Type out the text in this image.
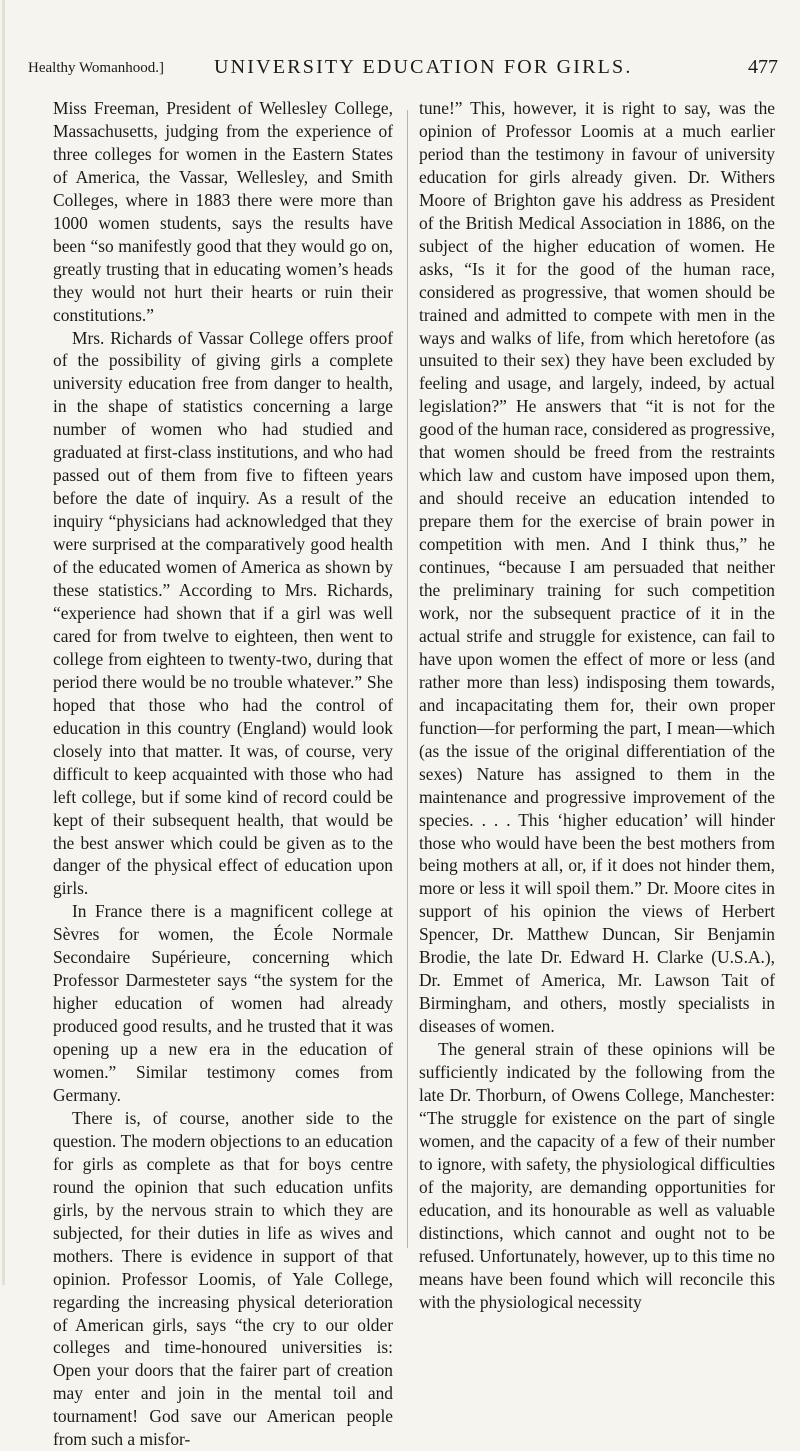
Healthy Womanhood.]	UNIVERSITY EDUCATION FOR GIRLS.	477

Miss Freeman, President of Wellesley College, Massachusetts, judging from the experience of three colleges for women in the Eastern States of America, the Vassar, Wellesley, and Smith Colleges, where in 1883 there were more than 1000 women students, says the results have been “so manifestly good that they would go on, greatly trusting that in educating women’s heads they would not hurt their hearts or ruin their constitutions.”

Mrs. Richards of Vassar College offers proof of the possibility of giving girls a complete university education free from danger to health, in the shape of statistics concerning a large number of women who had studied and graduated at first-class institutions, and who had passed out of them from five to fifteen years before the date of inquiry. As a result of the inquiry “physicians had acknowledged that they were surprised at the comparatively good health of the educated women of America as shown by these statistics.” According to Mrs. Richards, “experience had shown that if a girl was well cared for from twelve to eighteen, then went to college from eighteen to twenty-two, during that period there would be no trouble whatever.” She hoped that those who had the control of education in this country (England) would look closely into that matter. It was, of course, very difficult to keep acquainted with those who had left college, but if some kind of record could be kept of their subsequent health, that would be the best answer which could be given as to the danger of the physical effect of education upon girls.

In France there is a magnificent college at Sèvres for women, the École Normale Secondaire Supérieure, concerning which Professor Darmesteter says “the system for the higher education of women had already produced good results, and he trusted that it was opening up a new era in the education of women.” Similar testimony comes from Germany.

There is, of course, another side to the question. The modern objections to an education for girls as complete as that for boys centre round the opinion that such education unfits girls, by the nervous strain to which they are subjected, for their duties in life as wives and mothers. There is evidence in support of that opinion. Professor Loomis, of Yale College, regarding the increasing physical deterioration of American girls, says “the cry to our older colleges and time-honoured universities is: Open your doors that the fairer part of creation may enter and join in the mental toil and tournament! God save our American people from such a misfor-

tune!” This, however, it is right to say, was the opinion of Professor Loomis at a much earlier period than the testimony in favour of university education for girls already given. Dr. Withers Moore of Brighton gave his address as President of the British Medical Association in 1886, on the subject of the higher education of women. He asks, “Is it for the good of the human race, considered as progressive, that women should be trained and admitted to compete with men in the ways and walks of life, from which heretofore (as unsuited to their sex) they have been excluded by feeling and usage, and largely, indeed, by actual legislation?” He answers that “it is not for the good of the human race, considered as progressive, that women should be freed from the restraints which law and custom have imposed upon them, and should receive an education intended to prepare them for the exercise of brain power in competition with men. And I think thus,” he continues, “because I am persuaded that neither the preliminary training for such competition work, nor the subsequent practice of it in the actual strife and struggle for existence, can fail to have upon women the effect of more or less (and rather more than less) indisposing them towards, and incapacitating them for, their own proper function—for performing the part, I mean—which (as the issue of the original differentiation of the sexes) Nature has assigned to them in the maintenance and progressive improvement of the species. . . . This ‘higher education’ will hinder those who would have been the best mothers from being mothers at all, or, if it does not hinder them, more or less it will spoil them.” Dr. Moore cites in support of his opinion the views of Herbert Spencer, Dr. Matthew Duncan, Sir Benjamin Brodie, the late Dr. Edward H. Clarke (U.S.A.), Dr. Emmet of America, Mr. Lawson Tait of Birmingham, and others, mostly specialists in diseases of women.

The general strain of these opinions will be sufficiently indicated by the following from the late Dr. Thorburn, of Owens College, Manchester: “The struggle for existence on the part of single women, and the capacity of a few of their number to ignore, with safety, the physiological difficulties of the majority, are demanding opportunities for education, and its honourable as well as valuable distinctions, which cannot and ought not to be refused. Unfortunately, however, up to this time no means have been found which will reconcile this with the physiological necessity
